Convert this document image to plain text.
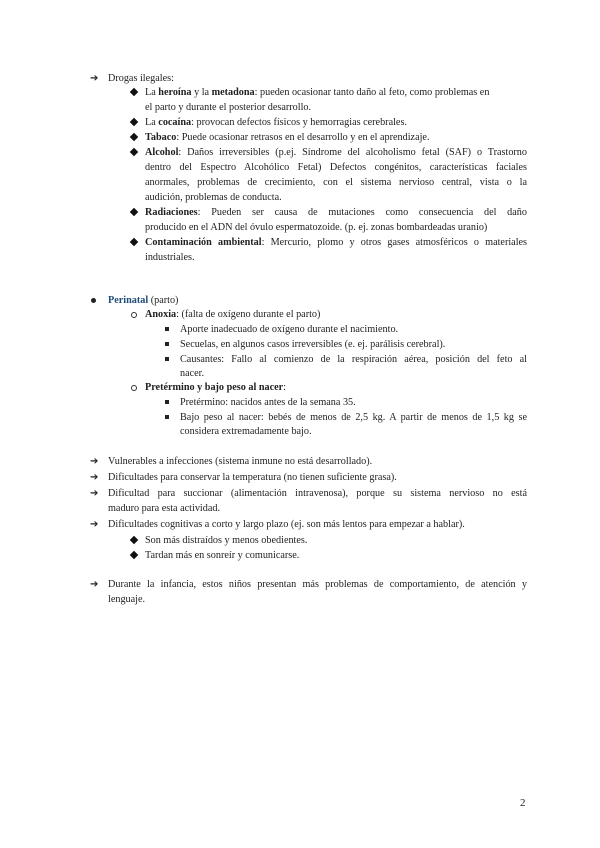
➔ Drogas ilegales:
La heroína y la metadona: pueden ocasionar tanto daño al feto, como problemas en
el parto y durante el posterior desarrollo.
La cocaína: provocan defectos físicos y hemorragias cerebrales.
Tabaco: Puede ocasionar retrasos en el desarrollo y en el aprendizaje.
Alcohol: Daños irreversibles (p.ej. Síndrome del alcoholismo fetal (SAF) o Trastorno
dentro del Espectro Alcohólico Fetal) Defectos congénitos, características faciales
anormales, problemas de crecimiento, con el sistema nervioso central, vista o la
audición, problemas de conducta.
Radiaciones: Pueden ser causa de mutaciones como consecuencia del daño
producido en el ADN del óvulo espermatozoide. (p. ej. zonas bombardeadas uranio)
Contaminación ambiental: Mercurio, plomo y otros gases atmosféricos o materiales
industriales.
Perinatal (parto)
Anoxia: (falta de oxígeno durante el parto)
Aporte inadecuado de oxígeno durante el nacimiento.
Secuelas, en algunos casos irreversibles (e. ej. parálisis cerebral).
Causantes: Fallo al comienzo de la respiración aérea, posición del feto al
nacer.
Pretérmino y bajo peso al nacer:
Pretérmino: nacidos antes de la semana 35.
Bajo peso al nacer: bebés de menos de 2,5 kg. A partir de menos de 1,5 kg se
considera extremadamente bajo.
➔ Vulnerables a infecciones (sistema inmune no está desarrollado).
➔ Dificultades para conservar la temperatura (no tienen suficiente grasa).
➔ Dificultad para succionar (alimentación intravenosa), porque su sistema nervioso no está
maduro para esta actividad.
➔ Dificultades cognitivas a corto y largo plazo (ej. son más lentos para empezar a hablar).
Son más distraídos y menos obedientes.
Tardan más en sonreír y comunicarse.
➔ Durante la infancia, estos niños presentan más problemas de comportamiento, de atención y
lenguaje.
2
